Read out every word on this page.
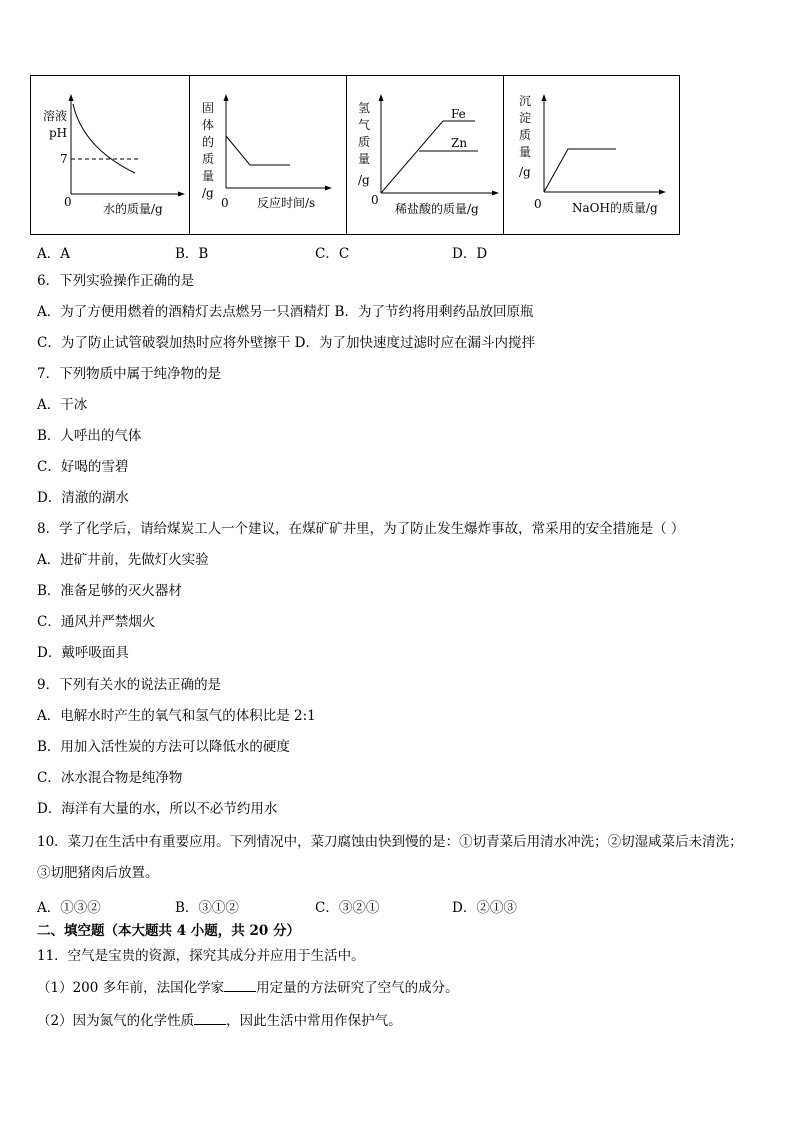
溶液
pH
7
0	水的质量/g
固
体
的
质
量
/g
0 反应时间/s
氢
气
质
量
/g
Fe
Zn
0
稀盐酸的质量/g
沉
淀
质
量
/g
0	NaOH的质量/g
A．A	B．B	C．C	D．D
6．下列实验操作正确的是
A．为了方便用燃着的酒精灯去点燃另一只酒精灯 B．为了节约将用剩药品放回原瓶
C．为了防止试管破裂加热时应将外壁擦干 D．为了加快速度过滤时应在漏斗内搅拌
7．下列物质中属于纯净物的是
A．干冰
B．人呼出的气体
C．好喝的雪碧
D．清澈的湖水
8．学了化学后，请给煤炭工人一个建议，在煤矿矿井里，为了防止发生爆炸事故，常采用的安全措施是（ ）
A．进矿井前，先做灯火实验
B．准备足够的灭火器材
C．通风并严禁烟火
D．戴呼吸面具
9．下列有关水的说法正确的是
A．电解水时产生的氧气和氢气的体积比是 2:1
B．用加入活性炭的方法可以降低水的硬度
C．冰水混合物是纯净物
D．海洋有大量的水，所以不必节约用水
10．菜刀在生活中有重要应用。下列情况中，菜刀腐蚀由快到慢的是：①切青菜后用清水冲洗；②切湿咸菜后未清洗；
③切肥猪肉后放置。
A．①③②	B．③①②	C．③②①	D．②①③
二、填空题（本大题共 4 小题，共 20 分）
11．空气是宝贵的资源，探究其成分并应用于生活中。
（1）200 多年前，法国化学家 用定量的方法研究了空气的成分。
（2）因为氮气的化学性质 ，因此生活中常用作保护气。
